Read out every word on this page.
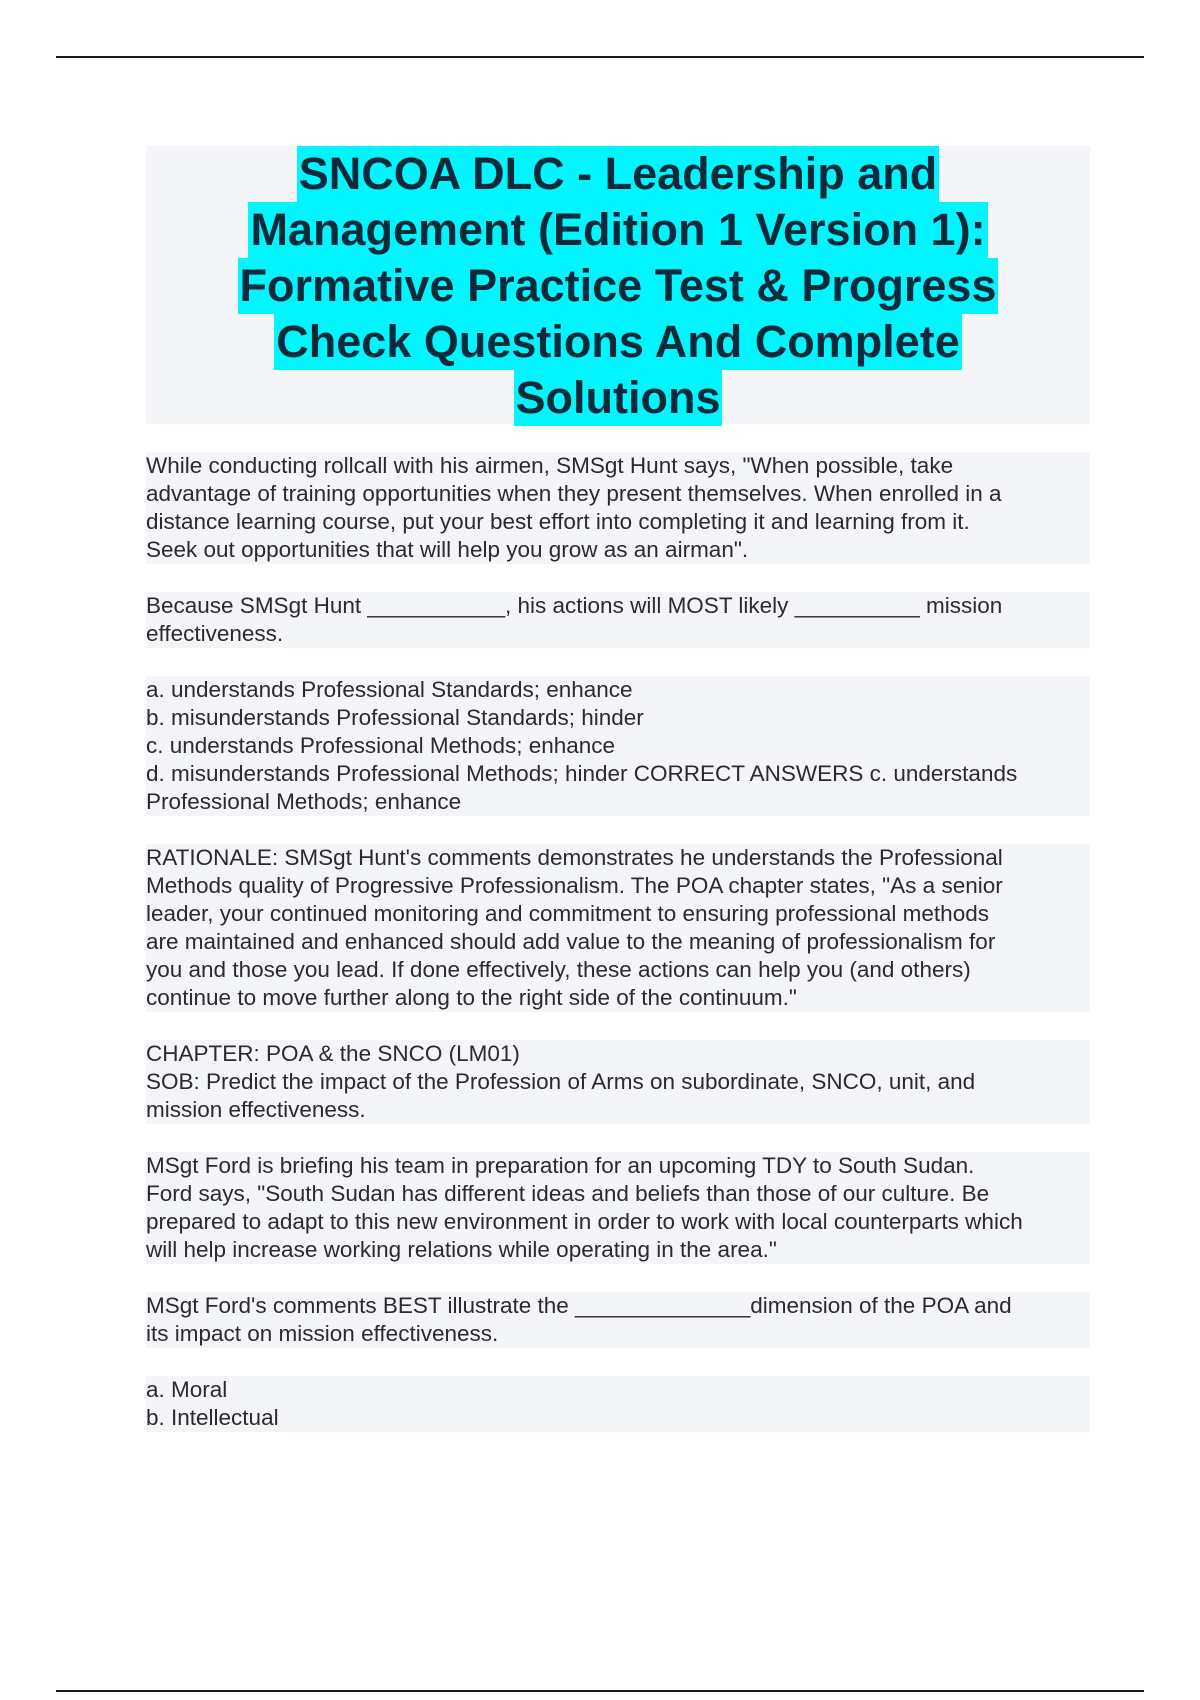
SNCOA DLC - Leadership and
Management (Edition 1 Version 1):
Formative Practice Test & Progress
Check Questions And Complete
Solutions
While conducting rollcall with his airmen, SMSgt Hunt says, "When possible, take
advantage of training opportunities when they present themselves. When enrolled in a
distance learning course, put your best effort into completing it and learning from it.
Seek out opportunities that will help you grow as an airman".
Because SMSgt Hunt ___________, his actions will MOST likely __________ mission
effectiveness.
a. understands Professional Standards; enhance
b. misunderstands Professional Standards; hinder
c. understands Professional Methods; enhance
d. misunderstands Professional Methods; hinder CORRECT ANSWERS c. understands
Professional Methods; enhance
RATIONALE: SMSgt Hunt's comments demonstrates he understands the Professional
Methods quality of Progressive Professionalism. The POA chapter states, "As a senior
leader, your continued monitoring and commitment to ensuring professional methods
are maintained and enhanced should add value to the meaning of professionalism for
you and those you lead. If done effectively, these actions can help you (and others)
continue to move further along to the right side of the continuum."
CHAPTER: POA & the SNCO (LM01)
SOB: Predict the impact of the Profession of Arms on subordinate, SNCO, unit, and
mission effectiveness.
MSgt Ford is briefing his team in preparation for an upcoming TDY to South Sudan.
Ford says, "South Sudan has different ideas and beliefs than those of our culture. Be
prepared to adapt to this new environment in order to work with local counterparts which
will help increase working relations while operating in the area."
MSgt Ford's comments BEST illustrate the ______________dimension of the POA and
its impact on mission effectiveness.
a. Moral
b. Intellectual
